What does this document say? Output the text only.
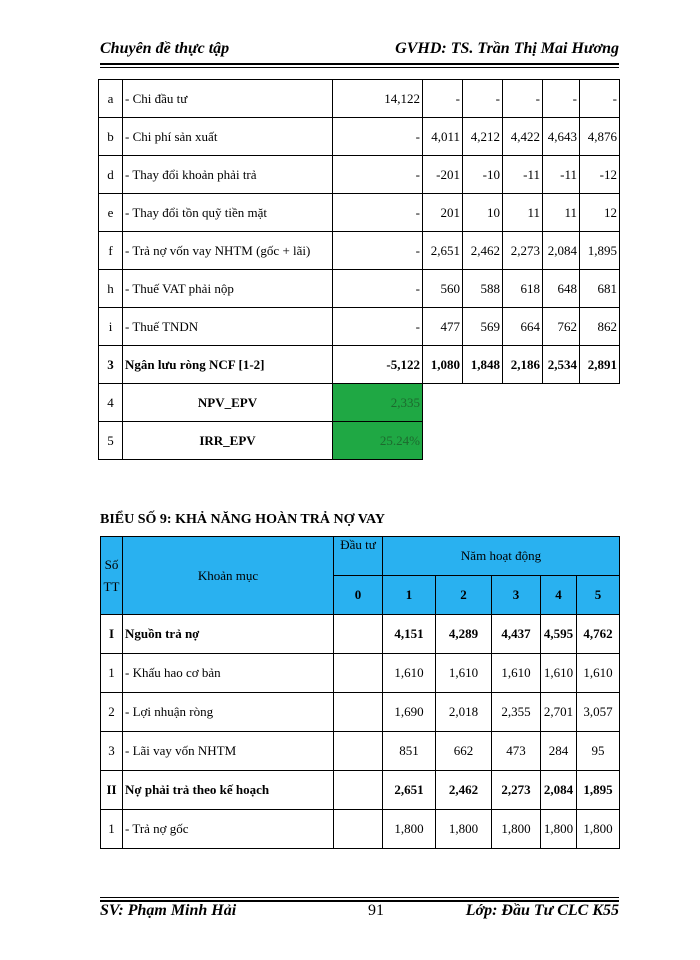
Chuyên đề thực tập	GVHD: TS. Trần Thị Mai Hương
a	- Chi đầu tư	14,122	-	-	-	-	-
b	- Chi phí sản xuất	-	4,011	4,212	4,422	4,643	4,876
d	- Thay đổi khoản phải trả	-	-201	-10	-11	-11	-12
e	- Thay đổi tồn quỹ tiền mặt	-	201	10	11	11	12
f	- Trả nợ vốn vay NHTM (gốc + lãi)	-	2,651	2,462	2,273	2,084	1,895
h	- Thuế VAT phải nộp	-	560	588	618	648	681
i	- Thuế TNDN	-	477	569	664	762	862
3	Ngân lưu ròng NCF [1-2]	-5,122	1,080	1,848	2,186	2,534	2,891
4	NPV_EPV	2,335					
5	IRR_EPV	25.24%					
BIỂU SỐ 9: KHẢ NĂNG HOÀN TRẢ NỢ VAY
Số TT	Khoản mục	Đầu tư	Năm hoạt động				
		0	1	2	3	4	5
I	Nguồn trả nợ		4,151	4,289	4,437	4,595	4,762
1	- Khấu hao cơ bản		1,610	1,610	1,610	1,610	1,610
2	- Lợi nhuận ròng		1,690	2,018	2,355	2,701	3,057
3	- Lãi vay vốn NHTM		851	662	473	284	95
II	Nợ phải trả theo kế hoạch		2,651	2,462	2,273	2,084	1,895
1	- Trả nợ gốc		1,800	1,800	1,800	1,800	1,800
SV: Phạm Minh Hải	91	Lớp: Đầu Tư CLC K55
